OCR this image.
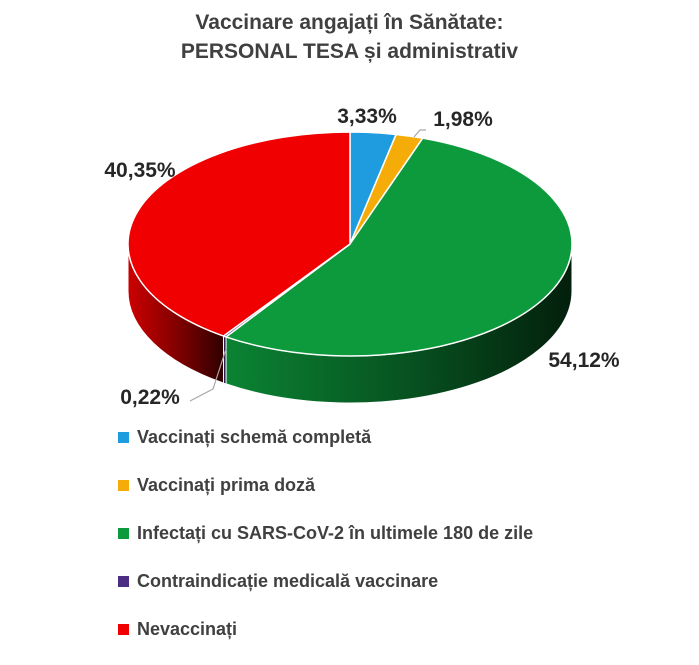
3,33% 1,98%
54,12%
0,22%
40,35%
Vaccinare angajați în Sănătate:
PERSONAL TESA și administrativ
Vaccinați schemă completă
Vaccinați prima doză
Infectați cu SARS-CoV-2 în ultimele 180 de zile
Contraindicație medicală vaccinare
Nevaccinați
